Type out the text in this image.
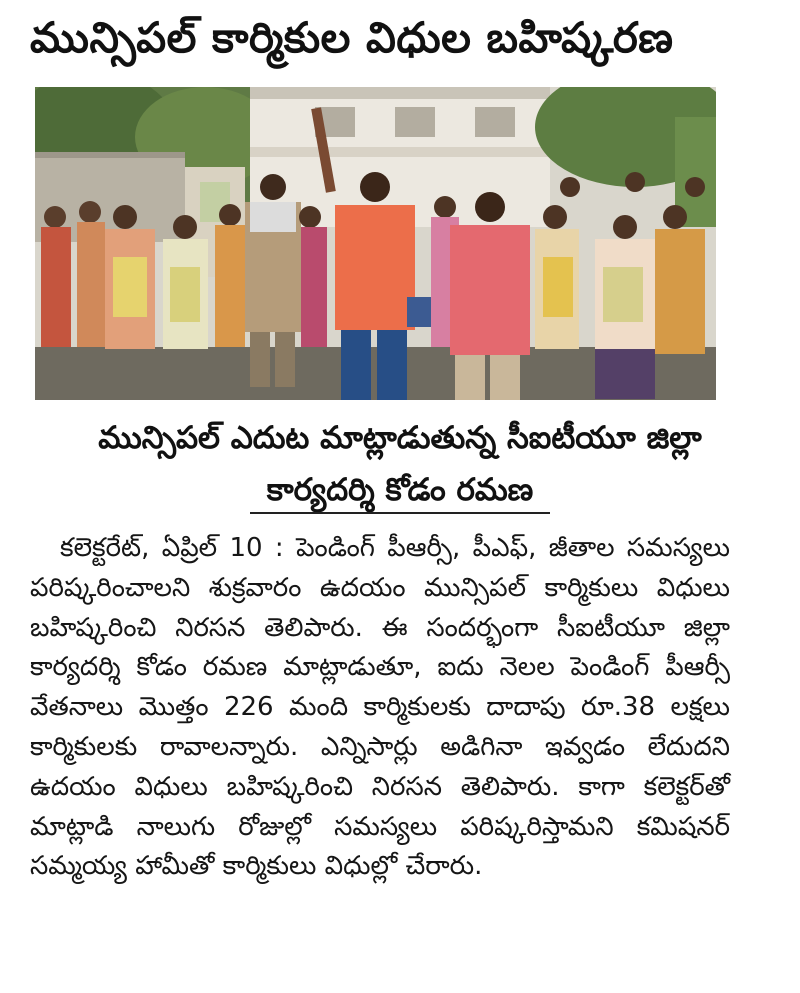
మున్సిపల్ కార్మికుల విధుల బహిష్కరణ
మున్సిపల్ ఎదుట మాట్లాడుతున్న సీఐటీయూ జిల్లా
కార్యదర్శి కోడం రమణ

కలెక్టరేట్, ఏప్రిల్ 10 : పెండింగ్ పీఆర్సీ, పీఎఫ్, జీతాల సమస్యలు పరిష్కరించాలని శుక్రవారం ఉదయం మున్సిపల్ కార్మికులు విధులు బహిష్కరించి నిరసన తెలిపారు. ఈ సందర్భంగా సీఐటీయూ జిల్లా కార్యదర్శి కోడం రమణ మాట్లాడుతూ, ఐదు నెలల పెండింగ్ పీఆర్సీ వేతనాలు మొత్తం 226 మంది కార్మికులకు దాదాపు రూ.38 లక్షలు కార్మికులకు రావాలన్నారు. ఎన్నిసార్లు అడిగినా ఇవ్వడం లేదుదని ఉదయం విధులు బహిష్కరించి నిరసన తెలిపారు. కాగా కలెక్టర్‌తో మాట్లాడి నాలుగు రోజుల్లో సమస్యలు పరిష్కరిస్తామని కమిషనర్ సమ్మయ్య హామీతో కార్మికులు విధుల్లో చేరారు.
